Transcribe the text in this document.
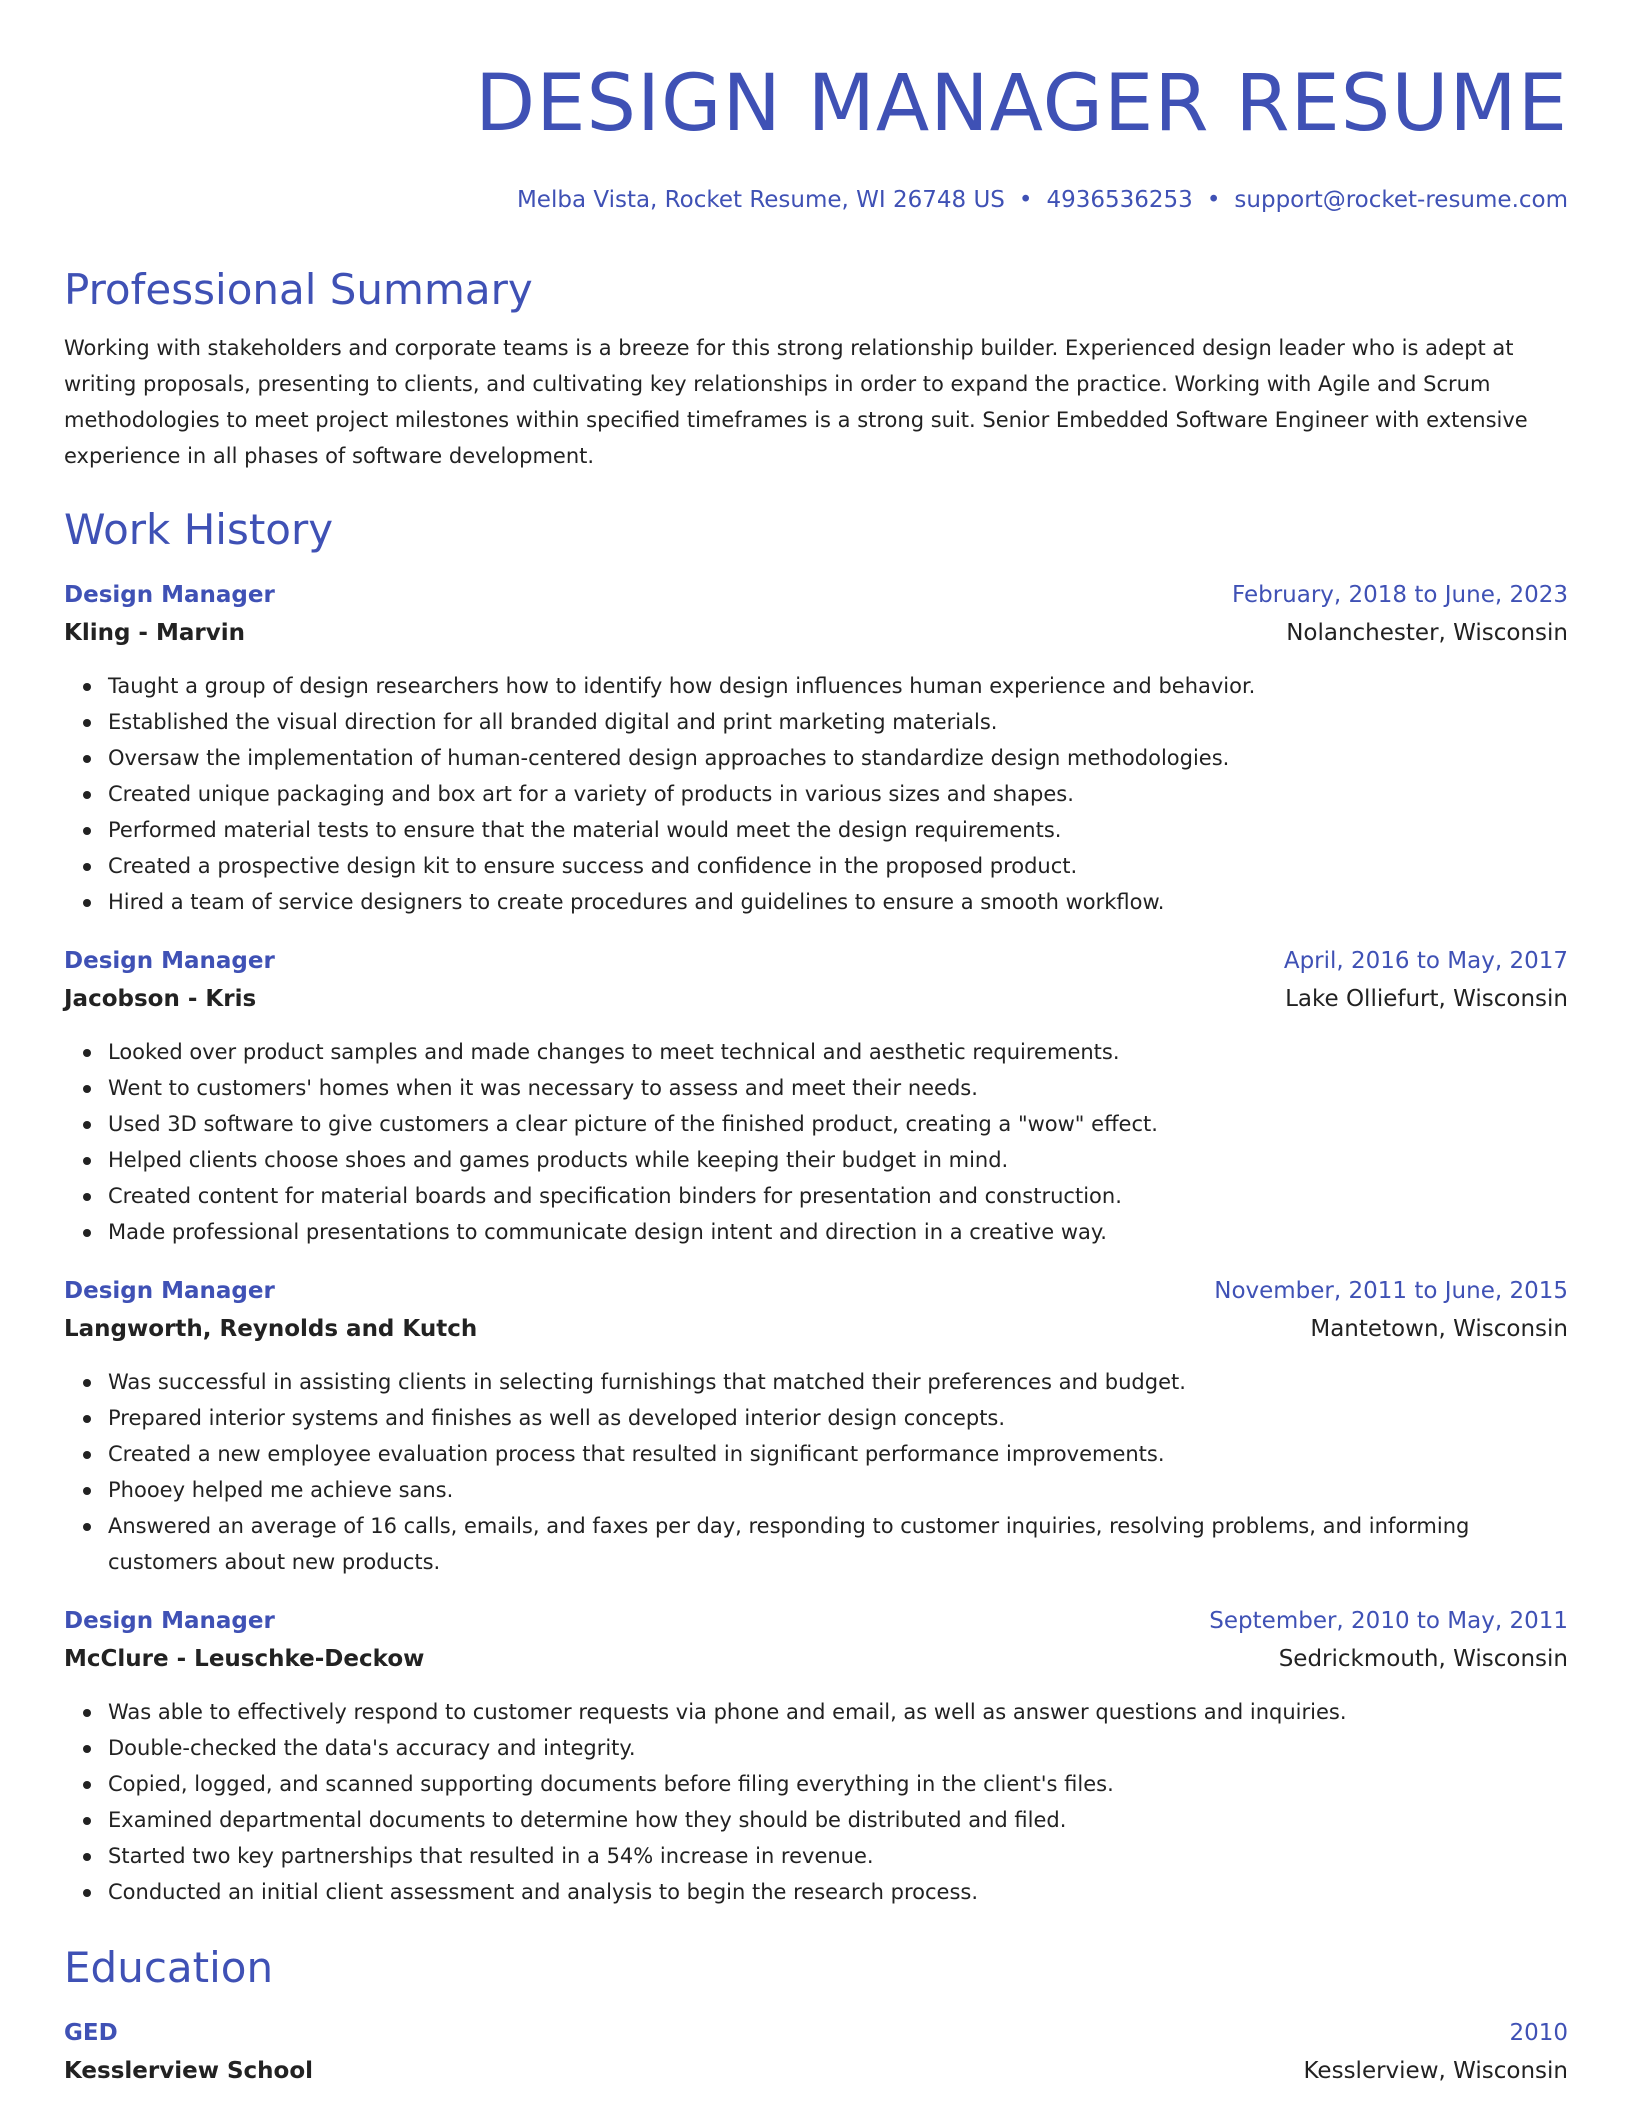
DESIGN MANAGER RESUME
Melba Vista, Rocket Resume, WI 26748 US • 4936536253 • support@rocket-resume.com
Professional Summary

Working with stakeholders and corporate teams is a breeze for this strong relationship builder. Experienced design leader who is adept at writing proposals, presenting to clients, and cultivating key relationships in order to expand the practice. Working with Agile and Scrum methodologies to meet project milestones within specified timeframes is a strong suit. Senior Embedded Software Engineer with extensive experience in all phases of software development.

Work History
Design Manager	February, 2018 to June, 2023
Kling - Marvin	Nolanchester, Wisconsin
Taught a group of design researchers how to identify how design influences human experience and behavior.
Established the visual direction for all branded digital and print marketing materials.
Oversaw the implementation of human-centered design approaches to standardize design methodologies.
Created unique packaging and box art for a variety of products in various sizes and shapes.
Performed material tests to ensure that the material would meet the design requirements.
Created a prospective design kit to ensure success and confidence in the proposed product.
Hired a team of service designers to create procedures and guidelines to ensure a smooth workflow.
Design Manager	April, 2016 to May, 2017
Jacobson - Kris	Lake Olliefurt, Wisconsin
Looked over product samples and made changes to meet technical and aesthetic requirements.
Went to customers' homes when it was necessary to assess and meet their needs.
Used 3D software to give customers a clear picture of the finished product, creating a "wow" effect.
Helped clients choose shoes and games products while keeping their budget in mind.
Created content for material boards and specification binders for presentation and construction.
Made professional presentations to communicate design intent and direction in a creative way.
Design Manager	November, 2011 to June, 2015
Langworth, Reynolds and Kutch	Mantetown, Wisconsin
Was successful in assisting clients in selecting furnishings that matched their preferences and budget.
Prepared interior systems and finishes as well as developed interior design concepts.
Created a new employee evaluation process that resulted in significant performance improvements.
Phooey helped me achieve sans.
Answered an average of 16 calls, emails, and faxes per day, responding to customer inquiries, resolving problems, and informing customers about new products.
Design Manager	September, 2010 to May, 2011
McClure - Leuschke-Deckow	Sedrickmouth, Wisconsin
Was able to effectively respond to customer requests via phone and email, as well as answer questions and inquiries.
Double-checked the data's accuracy and integrity.
Copied, logged, and scanned supporting documents before filing everything in the client's files.
Examined departmental documents to determine how they should be distributed and filed.
Started two key partnerships that resulted in a 54% increase in revenue.
Conducted an initial client assessment and analysis to begin the research process.
Education
GED	2010
Kesslerview School	Kesslerview, Wisconsin
